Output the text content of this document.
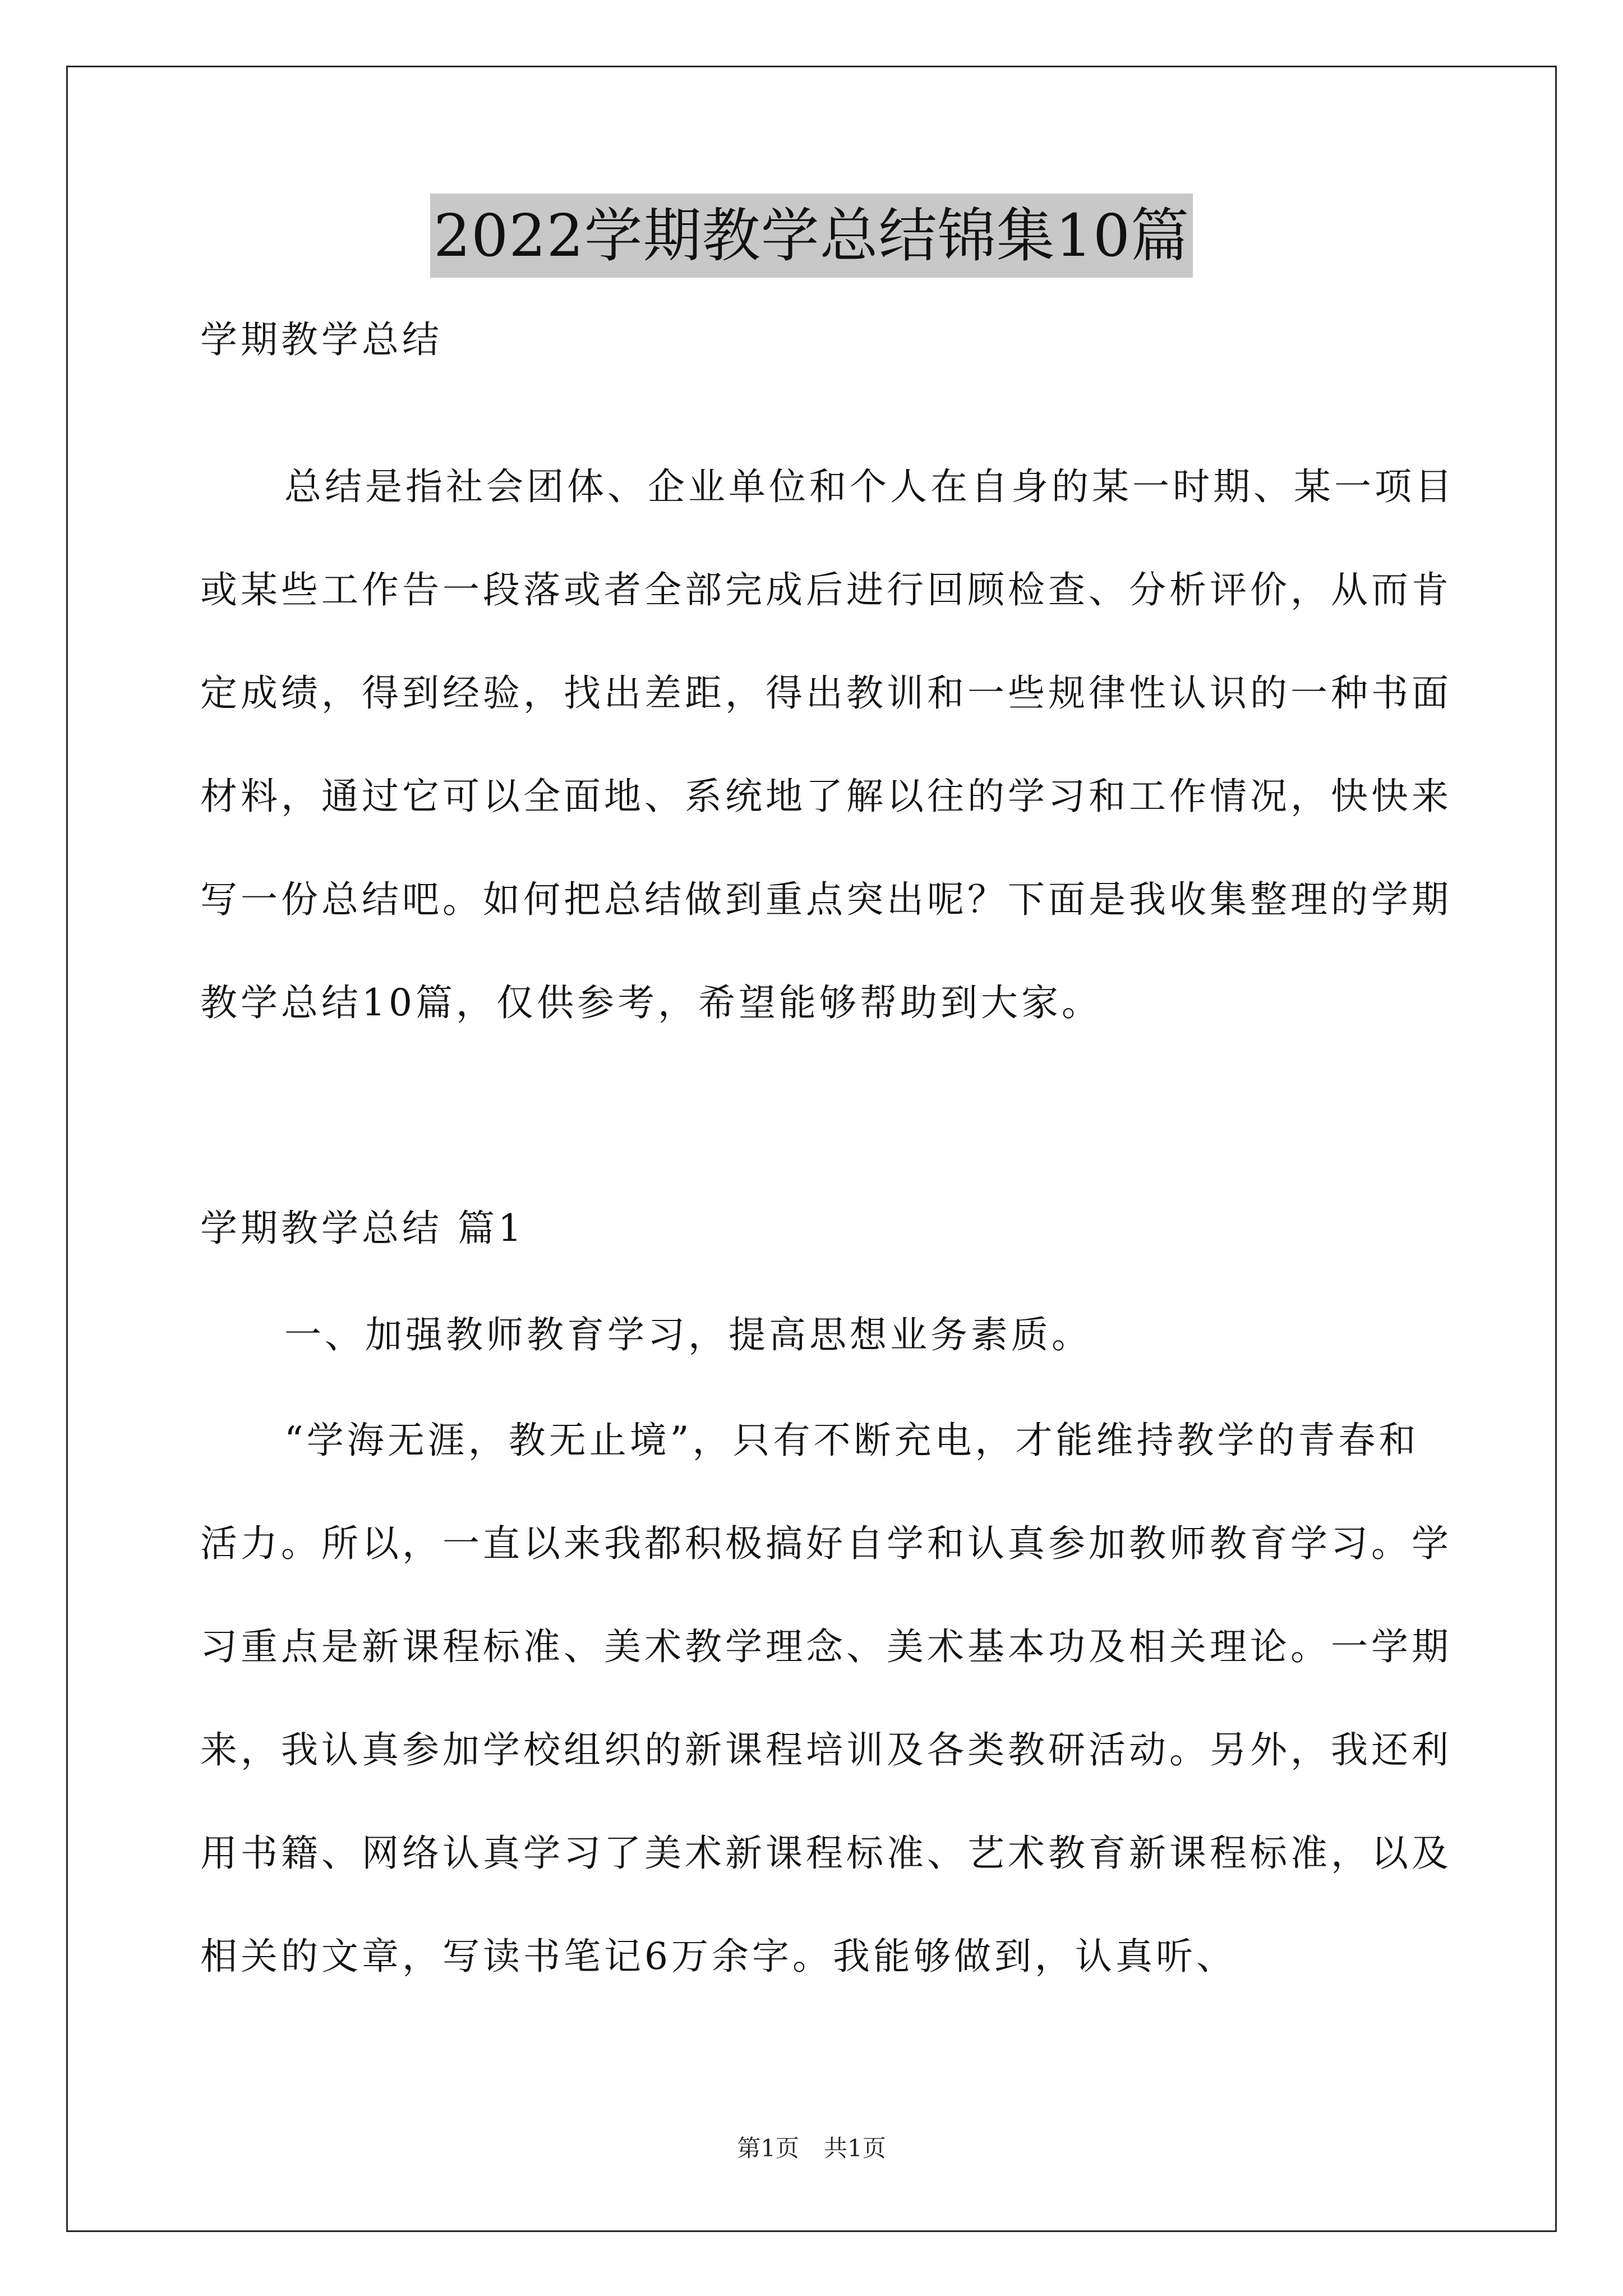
2022学期教学总结锦集10篇

学期教学总结

总结是指社会团体、企业单位和个人在自身的某一时期、某一项目或某些工作告一段落或者全部完成后进行回顾检查、分析评价，从而肯定成绩，得到经验，找出差距，得出教训和一些规律性认识的一种书面材料，通过它可以全面地、系统地了解以往的学习和工作情况，快快来写一份总结吧。如何把总结做到重点突出呢？下面是我收集整理的学期教学总结10篇，仅供参考，希望能够帮助到大家。

学期教学总结 篇1

一、加强教师教育学习，提高思想业务素质。

“学海无涯，教无止境”，只有不断充电，才能维持教学的青春和活力。所以，一直以来我都积极搞好自学和认真参加教师教育学习。学习重点是新课程标准、美术教学理念、美术基本功及相关理论。一学期来，我认真参加学校组织的新课程培训及各类教研活动。另外，我还利用书籍、网络认真学习了美术新课程标准、艺术教育新课程标准，以及相关的文章，写读书笔记6万余字。我能够做到，认真听、

第1页 共1页
